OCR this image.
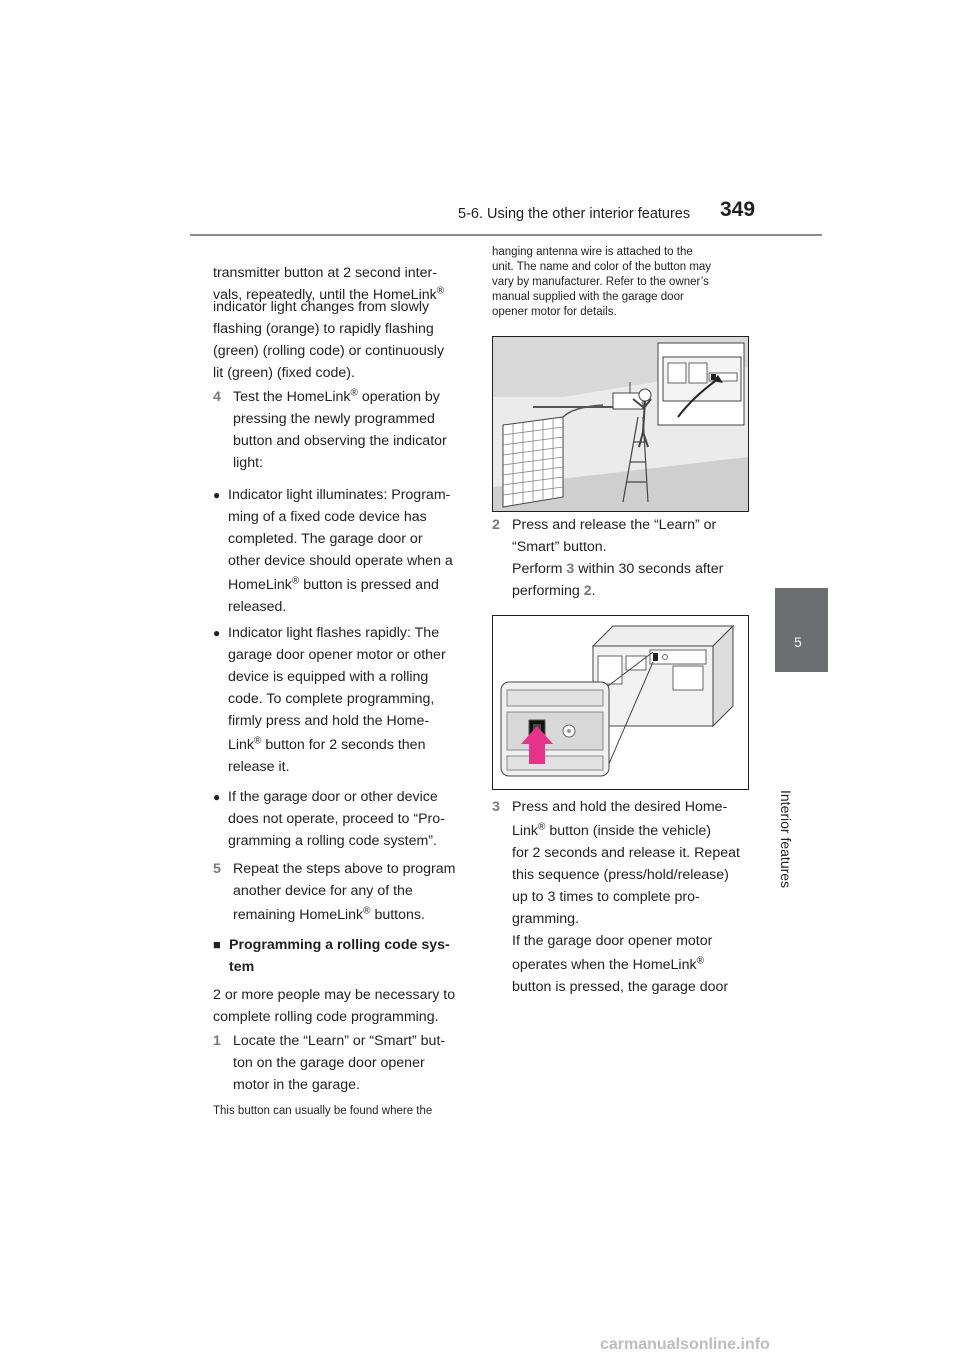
5-6. Using the other interior features 349
5
Interior features
transmitter button at 2 second inter-
vals, repeatedly, until the HomeLink®
indicator light changes from slowly
flashing (orange) to rapidly flashing
(green) (rolling code) or continuously
lit (green) (fixed code).
4 Test the HomeLink® operation by
pressing the newly programmed
button and observing the indicator
light:
● Indicator light illuminates: Program-
ming of a fixed code device has
completed. The garage door or
other device should operate when a
HomeLink® button is pressed and
released.
● Indicator light flashes rapidly: The
garage door opener motor or other
device is equipped with a rolling
code. To complete programming,
firmly press and hold the Home-
Link® button for 2 seconds then
release it.
● If the garage door or other device
does not operate, proceed to “Pro-
gramming a rolling code system”.
5 Repeat the steps above to program
another device for any of the
remaining HomeLink® buttons.
■ Programming a rolling code sys-
tem
2 or more people may be necessary to
complete rolling code programming.
1 Locate the “Learn” or “Smart” but-
ton on the garage door opener
motor in the garage.
This button can usually be found where the
hanging antenna wire is attached to the
unit. The name and color of the button may
vary by manufacturer. Refer to the owner’s
manual supplied with the garage door
opener motor for details.
2 Press and release the “Learn” or
“Smart” button.
Perform 3 within 30 seconds after
performing 2.
3 Press and hold the desired Home-
Link® button (inside the vehicle)
for 2 seconds and release it. Repeat
this sequence (press/hold/release)
up to 3 times to complete pro-
gramming.
If the garage door opener motor
operates when the HomeLink®
button is pressed, the garage door
carmanualsonline.info
